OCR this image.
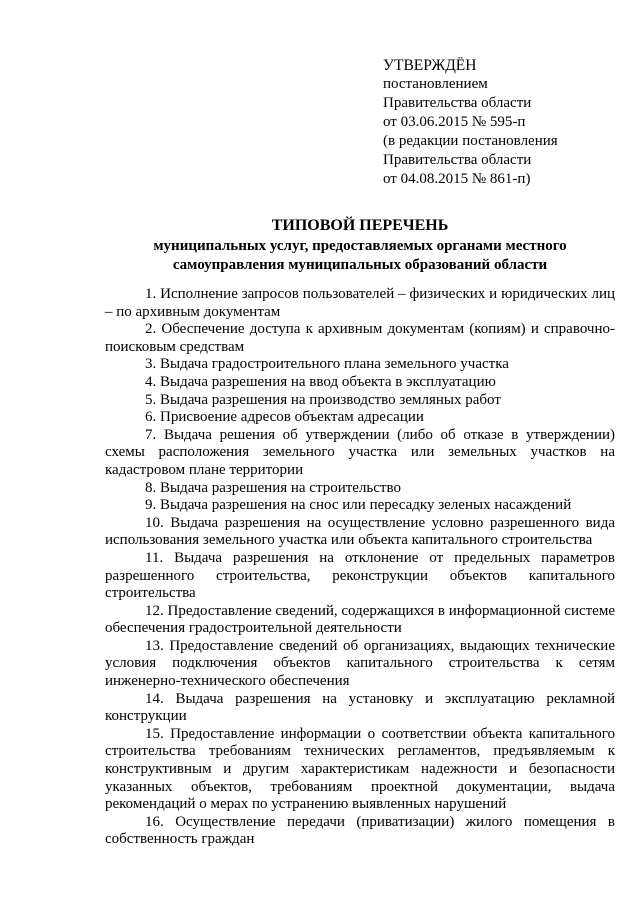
УТВЕРЖДЁН
постановлением
Правительства области
от 03.06.2015 № 595-п
(в редакции постановления
Правительства области
от 04.08.2015 № 861-п)
ТИПОВОЙ ПЕРЕЧЕНЬ
муниципальных услуг, предоставляемых органами местного
самоуправления муниципальных образований области
1. Исполнение запросов пользователей – физических и юридических лиц – по архивным документам
2. Обеспечение доступа к архивным документам (копиям) и справочно-поисковым средствам
3. Выдача градостроительного плана земельного участка
4. Выдача разрешения на ввод объекта в эксплуатацию
5. Выдача разрешения на производство земляных работ
6. Присвоение адресов объектам адресации
7. Выдача решения об утверждении (либо об отказе в утверждении) схемы расположения земельного участка или земельных участков на кадастровом плане территории
8. Выдача разрешения на строительство
9. Выдача разрешения на снос или пересадку зеленых насаждений
10. Выдача разрешения на осуществление условно разрешенного вида использования земельного участка или объекта капитального строительства
11. Выдача разрешения на отклонение от предельных параметров разрешенного строительства, реконструкции объектов капитального строительства
12. Предоставление сведений, содержащихся в информационной системе обеспечения градостроительной деятельности
13. Предоставление сведений об организациях, выдающих технические условия подключения объектов капитального строительства к сетям инженерно-технического обеспечения
14. Выдача разрешения на установку и эксплуатацию рекламной конструкции
15. Предоставление информации о соответствии объекта капитального строительства требованиям технических регламентов, предъявляемым к конструктивным и другим характеристикам надежности и безопасности указанных объектов, требованиям проектной документации, выдача рекомендаций о мерах по устранению выявленных нарушений
16. Осуществление передачи (приватизации) жилого помещения в собственность граждан
